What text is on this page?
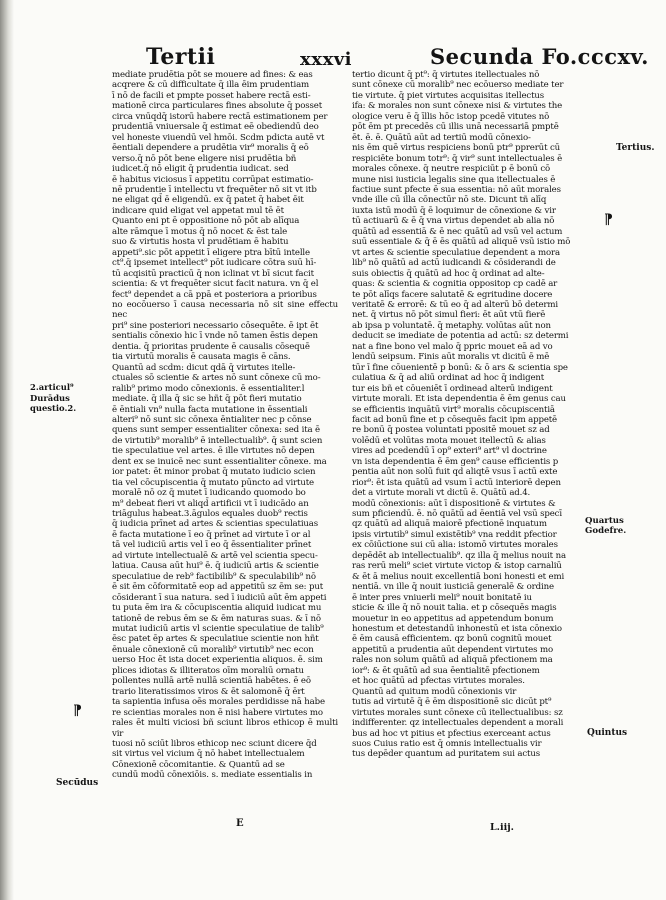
Tertii	xxxvi	Secunda Fo.cccxv.

mediate prudētia pōt se mouere ad fines: & eas

acqrere & cū difficultate q̄ illa ēim prudentiam

ī nō de facili et pmpte posset habere rectā esti-

mationē circa particulares fines absolute q̄ posset

circa vnūqdq̄ istorū habere rectā estimationem per

prudentiā vniuersale q̄ estimat eē obediendū deo

vel honeste viuendū vel hmōi. Scdm pdicta autē vt

ēentiali dependere a prudētia vir⁹ moralis q̄ eō

verso.q̄ nō pōt bene eligere nisi prudētia bñ

iudicet.q̄ nō eligit q̄ prudentia iudicat. sed

ē habitus viciosus ī appetitu corrūpat estimatio-

nē prudentie ī intellectu vt frequēter nō sit vt itb

ne eligat qd̄ ē eligendū. ex q̄ patet q̄ habet ēit

indicare quid eligat vel appetat mul tē ēt

Quanto eni pt ē oppositione nō pōt ab alīqua

alte rāmque ī motus q̄ nō nocet & ēst tale

suo & virtutis hosta vl prudētiam ē habitu

appeti⁹.sic pōt appetit ī eligere ptra bītū intelle

ct⁹.q̄ ipsemet intellect⁹ pōt iudicare cōtra suū hī-

tū acqisitū practicū q̄ non iclinat vt bī sicut facit

scientia: & vt frequēter sicut facit natura. vn q̄ el

fect⁹ dependet a cā ppā et posteriora a prioribus

no eocōuerso ī causa necessaria nō sit sine effectu nec

pri⁹ sine posteriori necessario cōsequēte. ē ipt ēt

sentialis cōnexio hic ī vnde nō tamen ēstis depen

dentia. q̄ prioritas prudente ē causalis cōsequē

tia virtutū moralis ē causata magis ē cāns.

Quantū ad scdm: dicut qdā q̄ virtutes itelle-

ctuales sō scientie & artes nō sunt cōnexe cū mo-

ralib⁹ primo modo cōnexionis. ē essentialiter.l

mediate. q̄ illa q̄ sic se hñt q̄ pōt fieri mutatio

ē ēntiali vn⁹ nulla facta mutatione in ēssentiali

alteri⁹ nō sunt sic cōnexa ēntialiter nec p cōnse

quens sunt semper essentialiter cōnexa: sed ita ē

de virtutib⁹ moralib⁹ ē intellectualib⁹. q̄ sunt scien

tie speculatiue vel artes. ē ille virtutes nō depen

dent ex se inuicē nec sunt essentialiter cōnexe. ma

ior patet: ēt minor probat q̄ mutato iudicio scien

tia vel cōcupiscentia q̄ mutato pūncto ad virtute

moralē nō oz q̄ mutet ī iudicando quomodo bo

m⁹ debeat fieri vt aliqd̄ artificii vt ī iudicādo an

triāgulus habeat.3.āgulos equales duob⁹ rectis

q̄ iudicia prīnet ad artes & scientias speculatiuas

ē facta mutatione ī eo q̄ prīnet ad virtute ī or al

tā vel iudiciū artis vel ī eo q̄ ēssentialiter prīnet

ad virtute intellectualē & artē vel scientia specu-

latiua. Causa aūt hui⁹ ē. q̄ iudiciū artis & scientie

speculatiue de reb⁹ factibilib⁹ & speculabilib⁹ nō

ē sit ēm cōformitatē eop ad appetitū sz ēm se: put

cōsiderant ī sua natura. sed ī iudiciū aūt ēm appeti

tu puta ēm ira & cōcupiscentia aliquid iudicat mu

tationē de rebus ēm se & ēm naturas suas. & ī nō

mutat iudiciū artis vl scientie speculatiue de talib⁹

ēsc patet ēp artes & speculatiue scientie non hñt

ēnuale cōnexionē cū moralib⁹ virtutib⁹ nec econ

uerso Hoc ēt ista docet experientia aliquos. ē. sim

plices idiotas & illiteratos oīm moraliū ornatu

pollentes nullā artē nullā scientiā habētes. ē eō

trario literatissimos viros & ēt salomonē q̄ ērt

ta sapientia infusa oēs morales perdidisse nā habe

re scientias morales non ē nisi habere virtutes mo

rales ēt multi viciosi bñ sciunt libros ethicop ē multi vir

tuosi nō sciūt libros ethicop nec sciunt dicere q̄d

sit virtus vel vicium q̄ nō habet intellectualem

Cōnexionē cōcomitantie. & Quantū ad se

cundū modū cōnexiōis. s. mediate essentialis in

tertio dicunt q̄ pt⁹: q̄ virtutes itellectuales nō

sunt cōnexe cū moralib⁹ nec ecōuerso mediate ter

tie virtute. q̄ piet virtutes acquisitas itellectus

ifa: & morales non sunt cōnexe nisi & virtutes the

ologice veru ē q̄ īllis hōc istop pcedē vitutes nō

pōt ēm pt precedēs cū illis unā necessariā pmptē

ēt. ē. ē. Quātū aūt ad tertiū modū cōnexio-

nis ēm quē virtus respiciens bonū ptr⁹ pprerūt cū

respiciēte bonum totr⁹: q̄ vir⁹ sunt intellectuales ē

morales cōnexe. q̄ neutre respiciūt p ē bonū cō

mune nisi iusticia legalis sine qua itellectuales ē

factiue sunt pfecte ē sua essentia: nō aūt morales

vnde ille cū illa cōnectūr nō ste. Dicunt tñ alīq

iuxta istū modū q̄ ē loquimur de cōnexione & vir

tū actiuarū & ē q̄ vna virtus dependet ab alia nō

quātū ad essentiā & ē nec quātū ad vsū vel actum

suū essentiale & q̄ ē ēs quātū ad aliquē vsū istio mō

vt artes & scientie speculatiue dependent a mora

lib⁹ nō quātū ad actū iudicandi & cōsiderandi de

suis obiectis q̄ quātū ad hoc q̄ ordinat ad alte-

quas: & scientia & cognitia oppositop cp cadē ar

te pōt alīqs facere salutatē & egritudine docere

veritatē & errorē: & tū eo q̄ ad alterū bō determi

net. q̄ virtus nō pōt simul fieri: ēt aūt vtū fierē

ab ipsa p voluntatē. q̄ metaphy. volūtas aūt non

deducit se imediate de potentia ad actū: sz determi

nat a fine bono vel malo q̄ ppric mouet eā ad vo

lendū seipsum. Finis aūt moralis vt dicitū ē mē

tūr ī fine cōuenientē p bonū: & ō ars & scientia spe

culatiua & q̄ ad aliū ordinat ad hoc q̄ indigent

tur eis bñ et cōueniēt ī ordinead alterū indigent

virtute morali. Et ista dependentia ē ēm genus cau

se efficientis inquātū virt⁹ moralis cōcupiscentiā

facit ad bonū fine et p cōsequēs facit ipm appetē

re bonū q̄ postea voluntati ppositē mouet sz ad

volēdū et volūtas mota mouet itellectū & alias

vires ad pcedendū ī op⁹ exteri⁹ art⁹ vl doctrine

vn ista dependentia ē ēm gen⁹ cause efficientis p

pentia aūt non solū fuit qd aliqtē vsus ī actū exte

rior⁹: ēt ista quātū ad vsum ī actū interiorē depen

det a virtute morali vt dictū ē. Quātū ad.4.

modū cōnexionis: aūt ī dispositionē & virtutes &

sum pficiendū. ē. nō quātū ad ēentiā vel vsū specī

qz quātū ad aliquā maiorē pfectionē inquatum

ipsis virtutib⁹ simul existētib⁹ vna reddit pfectior

ex cōiūctione sui cū alia: istomō virtutes morales

depēdēt ab intellectualib⁹. qz illa q̄ melius nouit na

ras rerū meli⁹ sciet virtute victop & istop carnaliū

& ēt ā melius nouit excellentiā boni honesti et emi

nentiā. vn ille q̄ nouit iusticiā generalē & ordine

ē inter pres vniuerli meli⁹ nouit bonitatē iu

sticie & ille q̄ nō nouit talia. et p cōsequēs magis

mouetur in eo appetitus ad appetendum bonum

honestum et detestandū inhonestū et ista cōnexio

ē ēm causā efficientem. qz bonū cognitū mouet

appetitū a prudentia aūt dependent virtutes mo

rales non solum quātū ad aliquā pfectionem ma

ior⁹: & ēt quātū ad sua ēentialitē pfectionem

et hoc quātū ad pfectas virtutes morales.

Quantū ad quitum modū cōnexionis vir

tutis ad virtutē q̄ ē ēm dispositionē sic dicūt pt⁹

virtutes morales sunt cōnexe cū itellectualibus: sz

indifferenter. qz intellectuales dependent a morali

bus ad hoc vt pitius et pfectius exerceant actus

suos Cuius ratio est q̄ omnis intellectualis vir

tus depēder quantum ad puritatem sui actus

Tertius.
2.articul⁹
Durādus
questio.2.
Quartus
Godefre.
Quintus
Secūdus
⁋
⁋
L.iij.
E
